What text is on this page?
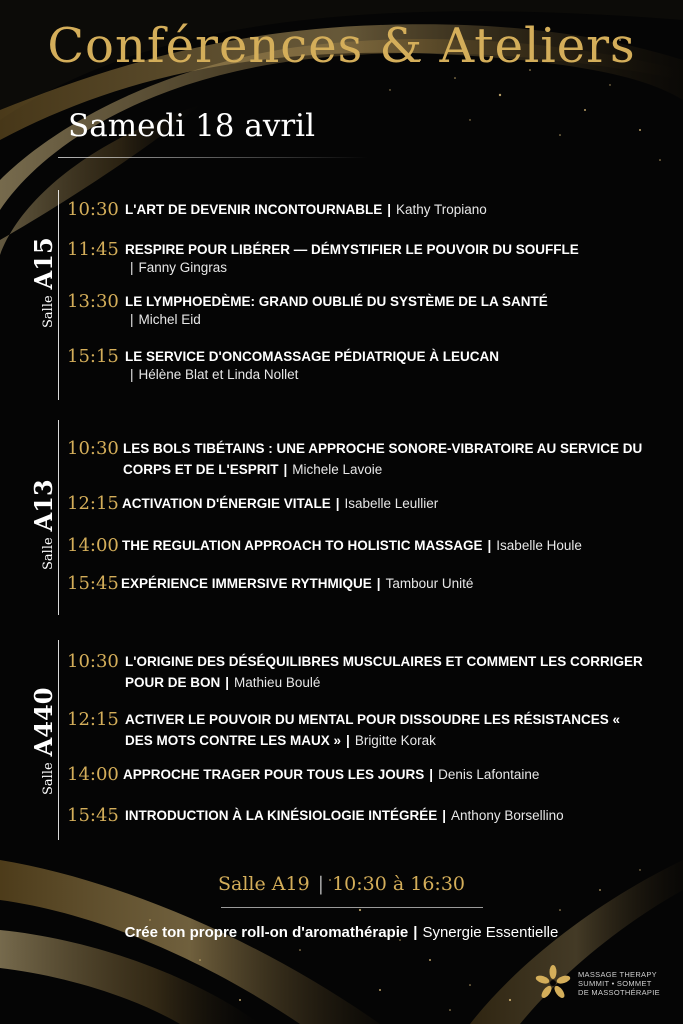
Conférences & Ateliers
Samedi 18 avril
SalleA15
10:30 L'ART DE DEVENIR INCONTOURNABLE | Kathy Tropiano
11:45 RESPIRE POUR LIBÉRER — DÉMYSTIFIER LE POUVOIR DU SOUFFLE
| Fanny Gingras
13:30 LE LYMPHOEDÈME: GRAND OUBLIÉ DU SYSTÈME DE LA SANTÉ
| Michel Eid
15:15 LE SERVICE D'ONCOMASSAGE PÉDIATRIQUE À LEUCAN
| Hélène Blat et Linda Nollet
SalleA13
10:30 LES BOLS TIBÉTAINS : UNE APPROCHE SONORE-VIBRATOIRE AU SERVICE DU CORPS ET DE L'ESPRIT | Michele Lavoie
12:15 ACTIVATION D'ÉNERGIE VITALE | Isabelle Leullier
14:00 THE REGULATION APPROACH TO HOLISTIC MASSAGE | Isabelle Houle
15:45 EXPÉRIENCE IMMERSIVE RYTHMIQUE | Tambour Unité
SalleA440
10:30 L'ORIGINE DES DÉSÉQUILIBRES MUSCULAIRES ET COMMENT LES CORRIGER POUR DE BON | Mathieu Boulé
12:15 ACTIVER LE POUVOIR DU MENTAL POUR DISSOUDRE LES RÉSISTANCES « DES MOTS CONTRE LES MAUX » | Brigitte Korak
14:00 APPROCHE TRAGER POUR TOUS LES JOURS | Denis Lafontaine
15:45 INTRODUCTION À LA KINÉSIOLOGIE INTÉGRÉE | Anthony Borsellino
Salle A19 | 10:30 à 16:30
Crée ton propre roll-on d'aromathérapie | Synergie Essentielle
MASSAGE THERAPY
SUMMIT • SOMMET
DE MASSOTHÉRAPIE
